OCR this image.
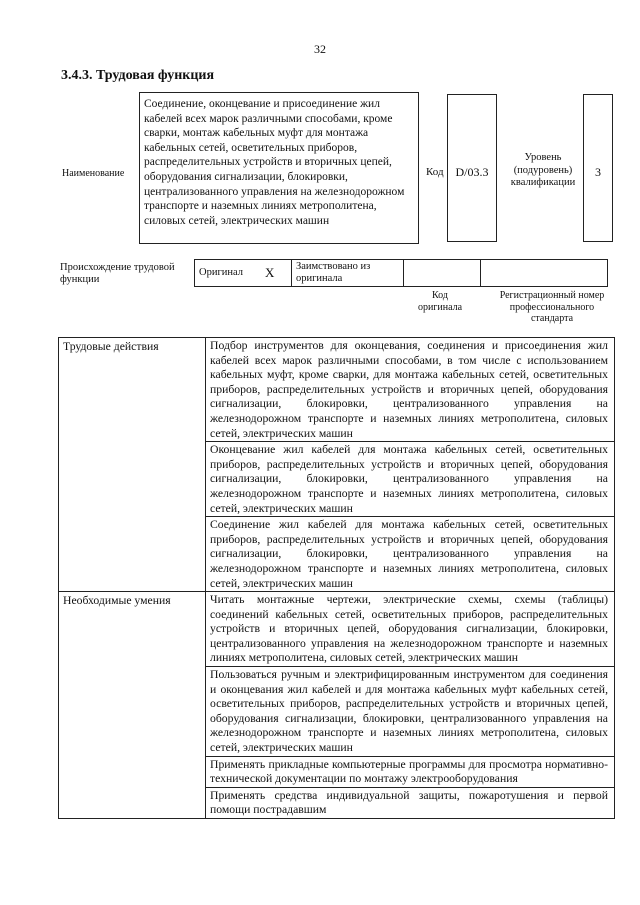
32
3.4.3. Трудовая функция
Наименование
Соединение, оконцевание и присоединение жил кабелей всех марок различными способами, кроме сварки, монтаж кабельных муфт для монтажа кабельных сетей, осветительных приборов, распределительных устройств и вторичных цепей, оборудования сигнализации, блокировки, централизованного управления на железнодорожном транспорте и наземных линиях метрополитена, силовых сетей, электрических машин
Код D/03.3
Уровень (подуровень) квалификации
3
Происхождение трудовой функции
Оригинал	X	Заимствовано из оригинала		
Код оригинала
Регистрационный номер профессионального стандарта
Трудовые действия	Подбор инструментов для оконцевания, соединения и присоединения жил кабелей всех марок различными способами, в том числе с использованием кабельных муфт, кроме сварки, для монтажа кабельных сетей, осветительных приборов, распределительных устройств и вторичных цепей, оборудования сигнализации, блокировки, централизованного управления на железнодорожном транспорте и наземных линиях метрополитена, силовых сетей, электрических машин
	Оконцевание жил кабелей для монтажа кабельных сетей, осветительных приборов, распределительных устройств и вторичных цепей, оборудования сигнализации, блокировки, централизованного управления на железнодорожном транспорте и наземных линиях метрополитена, силовых сетей, электрических машин
	Соединение жил кабелей для монтажа кабельных сетей, осветительных приборов, распределительных устройств и вторичных цепей, оборудования сигнализации, блокировки, централизованного управления на железнодорожном транспорте и наземных линиях метрополитена, силовых сетей, электрических машин
Необходимые умения	Читать монтажные чертежи, электрические схемы, схемы (таблицы) соединений кабельных сетей, осветительных приборов, распределительных устройств и вторичных цепей, оборудования сигнализации, блокировки, централизованного управления на железнодорожном транспорте и наземных линиях метрополитена, силовых сетей, электрических машин
	Пользоваться ручным и электрифицированным инструментом для соединения и оконцевания жил кабелей и для монтажа кабельных муфт кабельных сетей, осветительных приборов, распределительных устройств и вторичных цепей, оборудования сигнализации, блокировки, централизованного управления на железнодорожном транспорте и наземных линиях метрополитена, силовых сетей, электрических машин
	Применять прикладные компьютерные программы для просмотра нормативно-технической документации по монтажу электрооборудования
	Применять средства индивидуальной защиты, пожаротушения и первой помощи пострадавшим
